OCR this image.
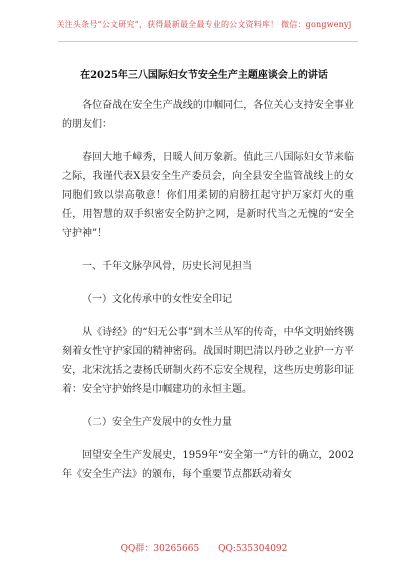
关注头条号“公文研究”，获得最新最全最专业的公文资料库！ 微信：gongwenyj
在2025年三八国际妇女节安全生产主题座谈会上的讲话

各位奋战在安全生产战线的巾帼同仁，各位关心支持安全事业的朋友们：

春回大地千嶂秀，日暖人间万象新。值此三八国际妇女节来临之际，我谨代表X县安全生产委员会，向全县安全监管战线上的女同胞们致以崇高敬意！你们用柔韧的肩膀扛起守护万家灯火的重任，用智慧的双手织密安全防护之网，是新时代当之无愧的“安全守护神”！

一、千年文脉孕风骨，历史长河见担当

（一）文化传承中的女性安全印记

从《诗经》的“妇无公事”到木兰从军的传奇，中华文明始终镌刻着女性守护家国的精神密码。战国时期巴清以丹砂之业护一方平安，北宋沈括之妻杨氏研制火药不忘安全规程，这些历史剪影印证着：安全守护始终是巾帼建功的永恒主题。

（二）安全生产发展中的女性力量

回望安全生产发展史，1959年“安全第一”方针的确立，2002年《安全生产法》的颁布，每个重要节点都跃动着女

QQ群：30265665 QQ:535304092
